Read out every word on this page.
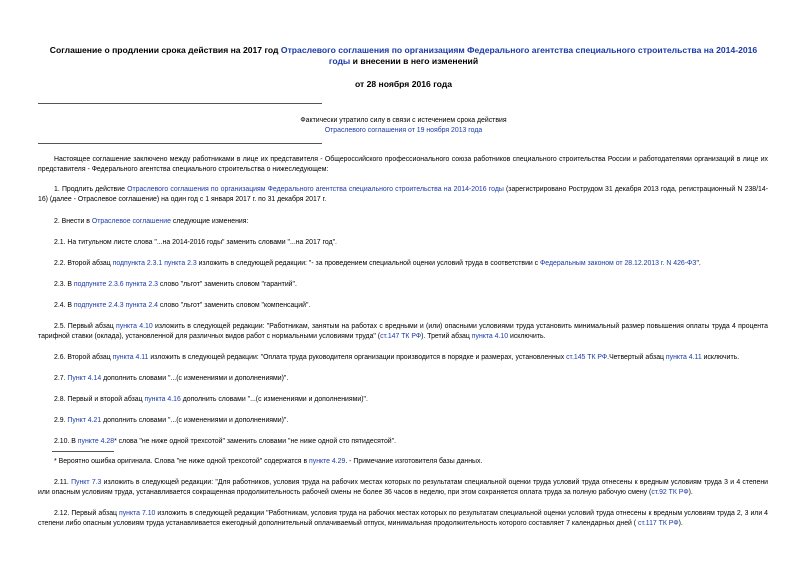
Соглашение о продлении срока действия на 2017 год Отраслевого соглашения по организациям Федерального агентства специального строительства на 2014-2016 годы и внесении в него изменений
от 28 ноября 2016 года
Фактически утратило силу в связи с истечением срока действия
Отраслевого соглашения от 19 ноября 2013 года
Настоящее соглашение заключено между работниками в лице их представителя - Общероссийского профессионального союза работников специального строительства России и работодателями организаций в лице их представителя - Федерального агентства специального строительства о нижеследующем:
1. Продлить действие Отраслевого соглашения по организациям Федерального агентства специального строительства на 2014-2016 годы (зарегистрировано Рострудом 31 декабря 2013 года, регистрационный N 238/14-16) (далее - Отраслевое соглашение) на один год с 1 января 2017 г. по 31 декабря 2017 г.
2. Внести в Отраслевое соглашение следующие изменения:
2.1. На титульном листе слова "...на 2014-2016 годы" заменить словами "...на 2017 год".
2.2. Второй абзац подпункта 2.3.1 пункта 2.3 изложить в следующей редакции: "- за проведением специальной оценки условий труда в соответствии с Федеральным законом от 28.12.2013 г. N 426-ФЗ".
2.3. В подпункте 2.3.6 пункта 2.3 слово "льгот" заменить словом "гарантий".
2.4. В подпункте 2.4.3 пункта 2.4 слово "льгот" заменить словом "компенсаций".
2.5. Первый абзац пункта 4.10 изложить в следующей редакции: "Работникам, занятым на работах с вредными и (или) опасными условиями труда установить минимальный размер повышения оплаты труда 4 процента тарифной ставки (оклада), установленной для различных видов работ с нормальными условиями труда" (ст.147 ТК РФ). Третий абзац пункта 4.10 исключить.
2.6. Второй абзац пункта 4.11 изложить в следующей редакции: "Оплата труда руководителя организации производится в порядке и размерах, установленных ст.145 ТК РФ.Четвертый абзац пункта 4.11 исключить.
2.7. Пункт 4.14 дополнить словами "...(с изменениями и дополнениями)".
2.8. Первый и второй абзац пункта 4.16 дополнить словами "...(с изменениями и дополнениями)".
2.9. Пункт 4.21 дополнить словами "...(с изменениями и дополнениями)".
2.10. В пункте 4.28* слова "не ниже одной трехсотой" заменить словами "не ниже одной сто пятидесятой".
* Вероятно ошибка оригинала. Слова "не ниже одной трехсотой" содержатся в пункте 4.29. - Примечание изготовителя базы данных.
2.11. Пункт 7.3 изложить в следующей редакции: "Для работников, условия труда на рабочих местах которых по результатам специальной оценки труда условий труда отнесены к вредным условиям труда 3 и 4 степени или опасным условиям труда, устанавливается сокращенная продолжительность рабочей смены не более 36 часов в неделю, при этом сохраняется оплата труда за полную рабочую смену (ст.92 ТК РФ).
2.12. Первый абзац пункта 7.10 изложить в следующей редакции "Работникам, условия труда на рабочих местах которых по результатам специальной оценки условий труда отнесены к вредным условиям труда 2, 3 или 4 степени либо опасным условиям труда устанавливается ежегодный дополнительный оплачиваемый отпуск, минимальная продолжительность которого составляет 7 календарных дней ( ст.117 ТК РФ).
